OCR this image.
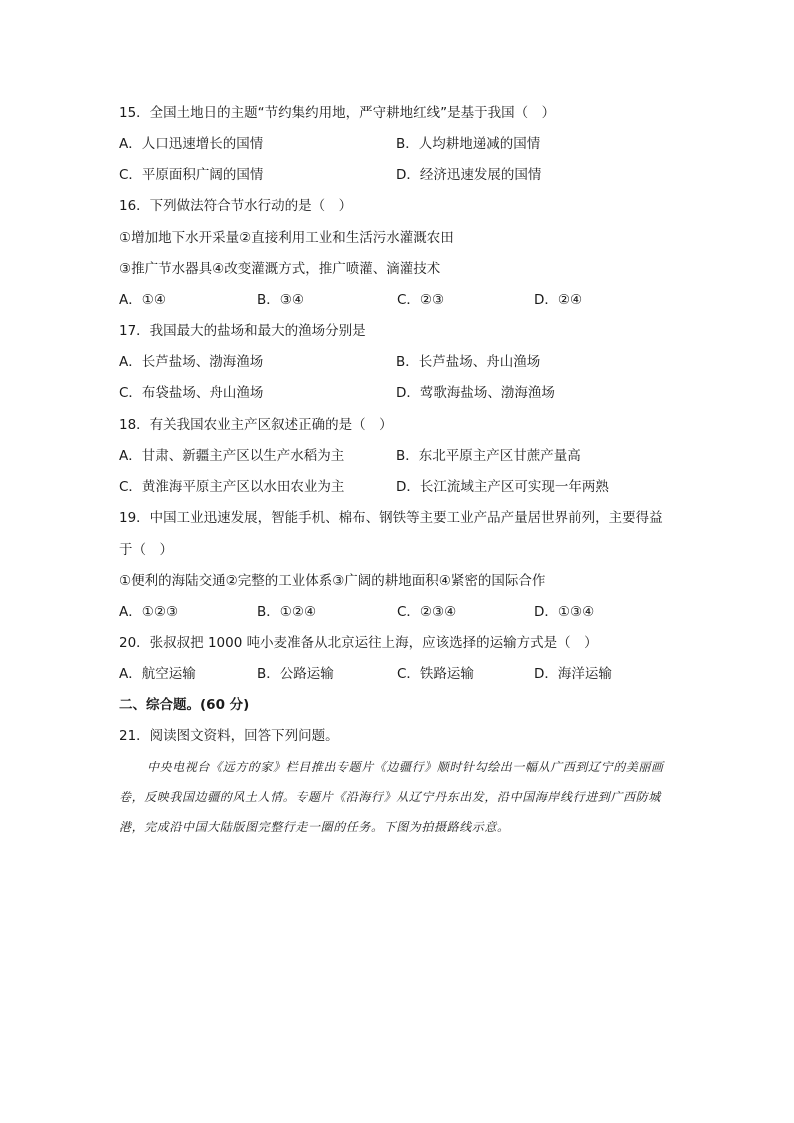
15．全国土地日的主题“节约集约用地，严守耕地红线”是基于我国（　）
A．人口迅速增长的国情	B．人均耕地递减的国情
C．平原面积广阔的国情	D．经济迅速发展的国情
16．下列做法符合节水行动的是（　）
①增加地下水开采量②直接利用工业和生活污水灌溉农田
③推广节水器具④改变灌溉方式，推广喷灌、滴灌技术
A．①④	B．③④	C．②③	D．②④
17．我国最大的盐场和最大的渔场分别是
A．长芦盐场、渤海渔场	B．长芦盐场、舟山渔场
C．布袋盐场、舟山渔场	D．莺歌海盐场、渤海渔场
18．有关我国农业主产区叙述正确的是（　）
A．甘肃、新疆主产区以生产水稻为主	B．东北平原主产区甘蔗产量高
C．黄淮海平原主产区以水田农业为主	D．长江流域主产区可实现一年两熟
19．中国工业迅速发展，智能手机、棉布、钢铁等主要工业产品产量居世界前列，主要得益
于（　）
①便利的海陆交通②完整的工业体系③广阔的耕地面积④紧密的国际合作
A．①②③	B．①②④	C．②③④	D．①③④
20．张叔叔把 1000 吨小麦准备从北京运往上海，应该选择的运输方式是（　）
A．航空运输	B．公路运输	C．铁路运输	D．海洋运输
二、综合题。(60 分)
21．阅读图文资料，回答下列问题。
中央电视台《远方的家》栏目推出专题片《边疆行》顺时针勾绘出一幅从广西到辽宁的美丽画卷，反映我国边疆的风土人情。专题片《沿海行》从辽宁丹东出发，沿中国海岸线行进到广西防城港，完成沿中国大陆版图完整行走一圈的任务。下图为拍摄路线示意。
